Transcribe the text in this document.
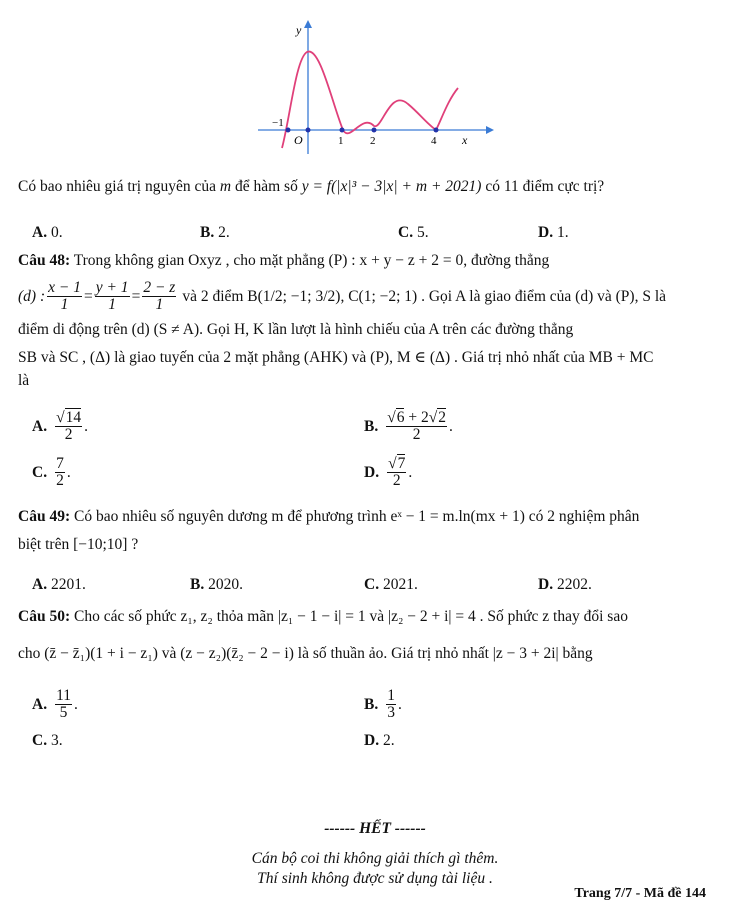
y
x
O
−1
1 2	4
Có bao nhiêu giá trị nguyên của m để hàm số y = f(|x|³ − 3|x| + m + 2021) có 11 điểm cực trị?
A. 0.	B. 2.	C. 5.	D. 1.
Câu 48: Trong không gian Oxyz , cho mặt phẳng (P) : x + y − z + 2 = 0, đường thẳng
(d) : $\frac{x - 1}{1} = \frac{y + 1}{1} = \frac{2 - z}{1}$ và 2 điểm B(1/2; −1; 3/2), C(1; −2; 1) . Gọi A là giao điểm của (d) và (P), S là
điểm di động trên (d) (S ≠ A). Gọi H, K lần lượt là hình chiếu của A trên các đường thẳng
SB và SC , (Δ) là giao tuyến của 2 mặt phẳng (AHK) và (P), M ∈ (Δ) . Giá trị nhỏ nhất của MB + MC
là
A. $\frac{√14}{2}$ .	B. $\frac{√6 + 2√2}{2}$ .
C. $\frac{7}{2}$ .	D. $\frac{√7}{2}$ .
Câu 49: Có bao nhiêu số nguyên dương m để phương trình eˣ − 1 = m.ln(mx + 1) có 2 nghiệm phân
biệt trên [−10;10] ?
A. 2201.	B. 2020.	C. 2021.	D. 2202.
Câu 50: Cho các số phức z₁, z₂ thỏa mãn |z₁ − 1 − i| = 1 và |z₂ − 2 + i| = 4 . Số phức z thay đổi sao
cho (z̄ − z̄₁)(1 + i − z₁) và (z − z₂)(z̄₂ − 2 − i) là số thuần ảo. Giá trị nhỏ nhất |z − 3 + 2i| bằng
A. $\frac{11}{5}$ .	B. $\frac{1}{3}$ .
C. 3.	D. 2.
------ HẾT ------
Cán bộ coi thi không giải thích gì thêm.
Thí sinh không được sử dụng tài liệu .
Trang 7/7 - Mã đề 144
